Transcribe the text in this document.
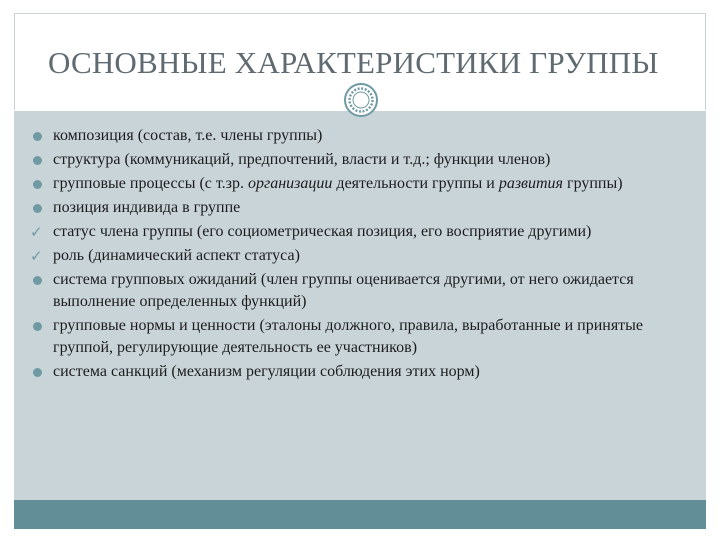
ОСНОВНЫЕ ХАРАКТЕРИСТИКИ ГРУППЫ
композиция (состав, т.е. члены группы)
структура (коммуникаций, предпочтений, власти и т.д.; функции членов)
групповые процессы (с т.зр. организации деятельности группы и развития группы)
позиция индивида в группе
✓ статус члена группы (его социометрическая позиция, его восприятие другими)
✓ роль (динамический аспект статуса)
система групповых ожиданий (член группы оценивается другими, от него ожидается выполнение определенных функций)
групповые нормы и ценности (эталоны должного, правила, выработанные и принятые группой, регулирующие деятельность ее участников)
система санкций (механизм регуляции соблюдения этих норм)
